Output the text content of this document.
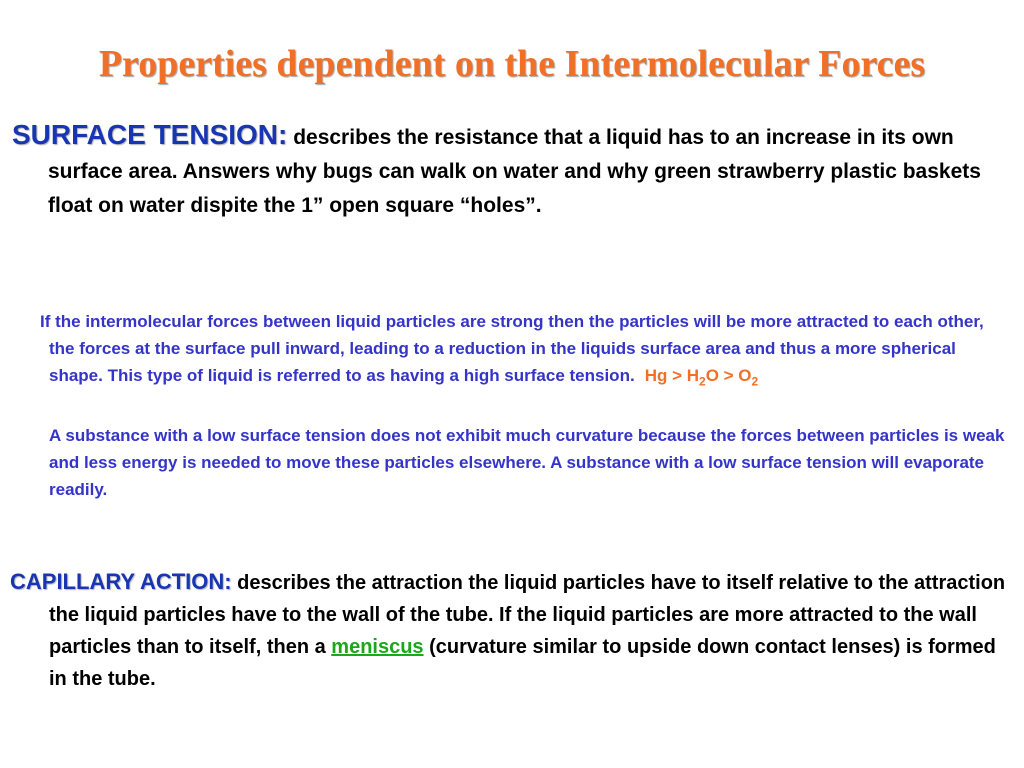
Properties dependent on the Intermolecular Forces
SURFACE TENSION: describes the resistance that a liquid has to an increase in its own surface area. Answers why bugs can walk on water and why green strawberry plastic baskets float on water dispite the 1” open square “holes”.
If the intermolecular forces between liquid particles are strong then the particles will be more attracted to each other, the forces at the surface pull inward, leading to a reduction in the liquids surface area and thus a more spherical shape. This type of liquid is referred to as having a high surface tension. $Hg > H_2O > O_2$
A substance with a low surface tension does not exhibit much curvature because the forces between particles is weak and less energy is needed to move these particles elsewhere. A substance with a low surface tension will evaporate readily.
CAPILLARY ACTION: describes the attraction the liquid particles have to itself relative to the attraction the liquid particles have to the wall of the tube. If the liquid particles are more attracted to the wall particles than to itself, then a meniscus (curvature similar to upside down contact lenses) is formed in the tube.
